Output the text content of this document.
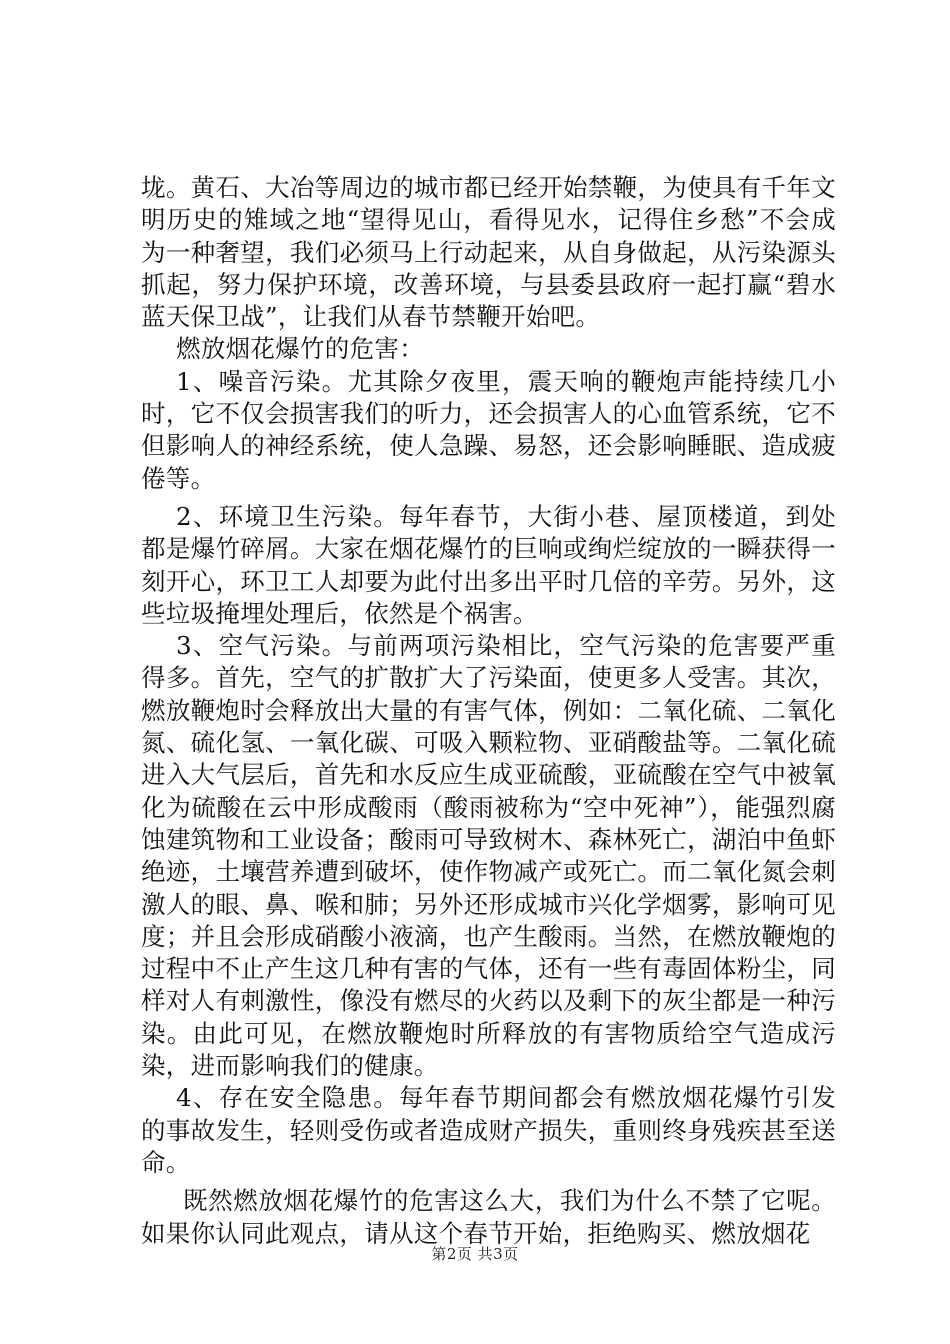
垅。黄石、大冶等周边的城市都已经开始禁鞭，为使具有千年文明历史的雉域之地“望得见山，看得见水，记得住乡愁”不会成为一种奢望，我们必须马上行动起来，从自身做起，从污染源头抓起，努力保护环境，改善环境，与县委县政府一起打赢“碧水蓝天保卫战”，让我们从春节禁鞭开始吧。

燃放烟花爆竹的危害：

1、噪音污染。尤其除夕夜里，震天响的鞭炮声能持续几小时，它不仅会损害我们的听力，还会损害人的心血管系统，它不但影响人的神经系统，使人急躁、易怒，还会影响睡眠、造成疲倦等。

2、环境卫生污染。每年春节，大街小巷、屋顶楼道，到处都是爆竹碎屑。大家在烟花爆竹的巨响或绚烂绽放的一瞬获得一刻开心，环卫工人却要为此付出多出平时几倍的辛劳。另外，这些垃圾掩埋处理后，依然是个祸害。

3、空气污染。与前两项污染相比，空气污染的危害要严重得多。首先，空气的扩散扩大了污染面，使更多人受害。其次，燃放鞭炮时会释放出大量的有害气体，例如：二氧化硫、二氧化氮、硫化氢、一氧化碳、可吸入颗粒物、亚硝酸盐等。二氧化硫进入大气层后，首先和水反应生成亚硫酸，亚硫酸在空气中被氧化为硫酸在云中形成酸雨（酸雨被称为“空中死神”），能强烈腐蚀建筑物和工业设备；酸雨可导致树木、森林死亡，湖泊中鱼虾绝迹，土壤营养遭到破坏，使作物减产或死亡。而二氧化氮会刺激人的眼、鼻、喉和肺；另外还形成城市兴化学烟雾，影响可见度；并且会形成硝酸小液滴，也产生酸雨。当然，在燃放鞭炮的过程中不止产生这几种有害的气体，还有一些有毒固体粉尘，同样对人有刺激性，像没有燃尽的火药以及剩下的灰尘都是一种污染。由此可见，在燃放鞭炮时所释放的有害物质给空气造成污染，进而影响我们的健康。

4、存在安全隐患。每年春节期间都会有燃放烟花爆竹引发的事故发生，轻则受伤或者造成财产损失，重则终身残疾甚至送命。

既然燃放烟花爆竹的危害这么大，我们为什么不禁了它呢。如果你认同此观点，请从这个春节开始，拒绝购买、燃放烟花

第2页 共3页
